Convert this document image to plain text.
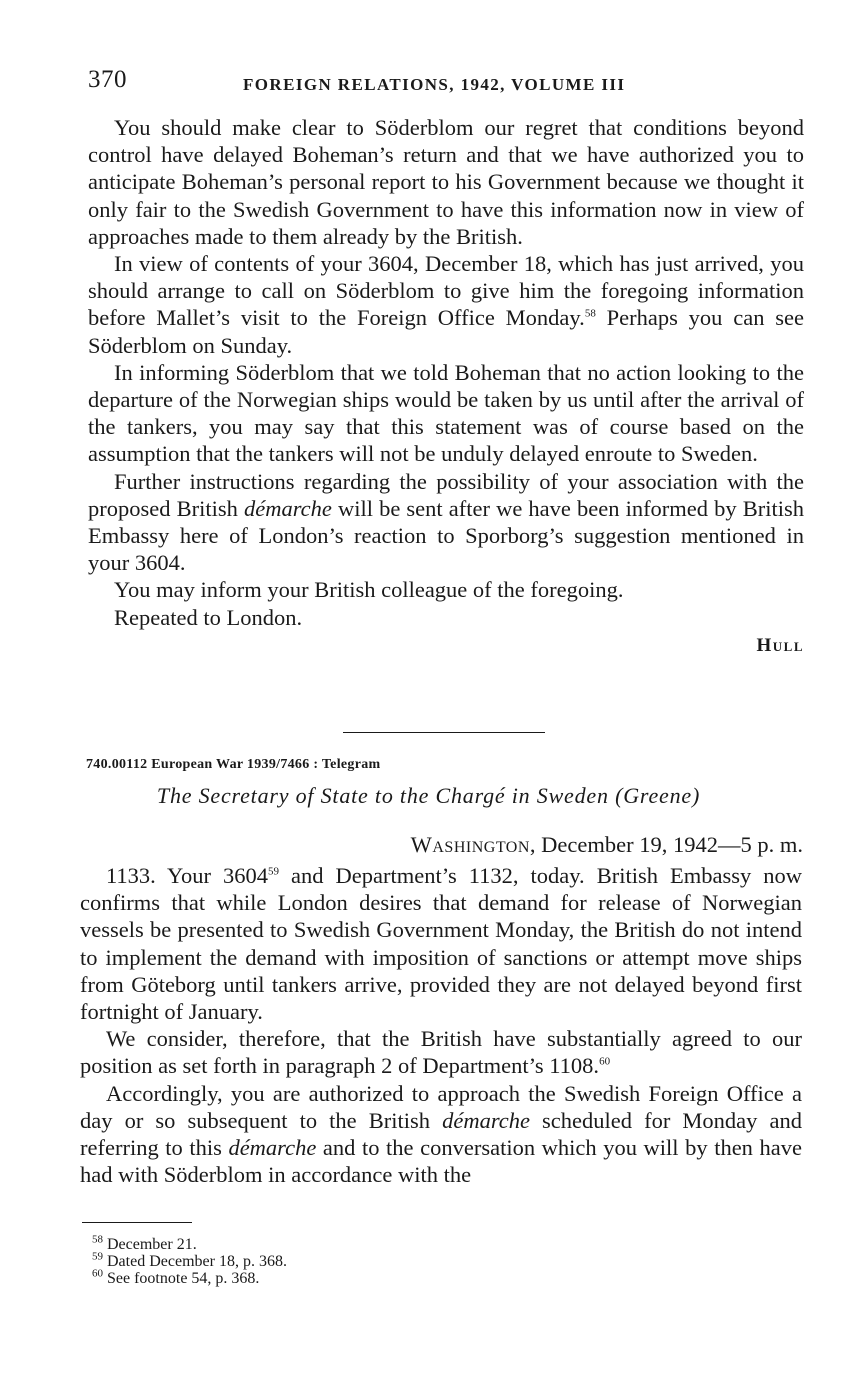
370	FOREIGN RELATIONS, 1942, VOLUME III

You should make clear to Söderblom our regret that conditions beyond control have delayed Boheman’s return and that we have authorized you to anticipate Boheman’s personal report to his Government because we thought it only fair to the Swedish Government to have this information now in view of approaches made to them already by the British.

In view of contents of your 3604, December 18, which has just arrived, you should arrange to call on Söderblom to give him the foregoing information before Mallet’s visit to the Foreign Office Monday.$^{58}$ Perhaps you can see Söderblom on Sunday.

In informing Söderblom that we told Boheman that no action looking to the departure of the Norwegian ships would be taken by us until after the arrival of the tankers, you may say that this statement was of course based on the assumption that the tankers will not be unduly delayed enroute to Sweden.

Further instructions regarding the possibility of your association with the proposed British démarche will be sent after we have been informed by British Embassy here of London’s reaction to Sporborg’s suggestion mentioned in your 3604.

You may inform your British colleague of the foregoing.

Repeated to London.

Hull
740.00112 European War 1939/7466 : Telegram
The Secretary of State to the Chargé in Sweden (Greene)
Washington, December 19, 1942—5 p. m.

1133. Your 3604$^{59}$ and Department’s 1132, today. British Embassy now confirms that while London desires that demand for release of Norwegian vessels be presented to Swedish Government Monday, the British do not intend to implement the demand with imposition of sanctions or attempt move ships from Göteborg until tankers arrive, provided they are not delayed beyond first fortnight of January.

We consider, therefore, that the British have substantially agreed to our position as set forth in paragraph 2 of Department’s 1108.60

Accordingly, you are authorized to approach the Swedish Foreign Office a day or so subsequent to the British démarche scheduled for Monday and referring to this démarche and to the conversation which you will by then have had with Söderblom in accordance with the

$^{58}$ December 21.

$^{59}$ Dated December 18, p. 368.

$^{60}$ See footnote 54, p. 368.
